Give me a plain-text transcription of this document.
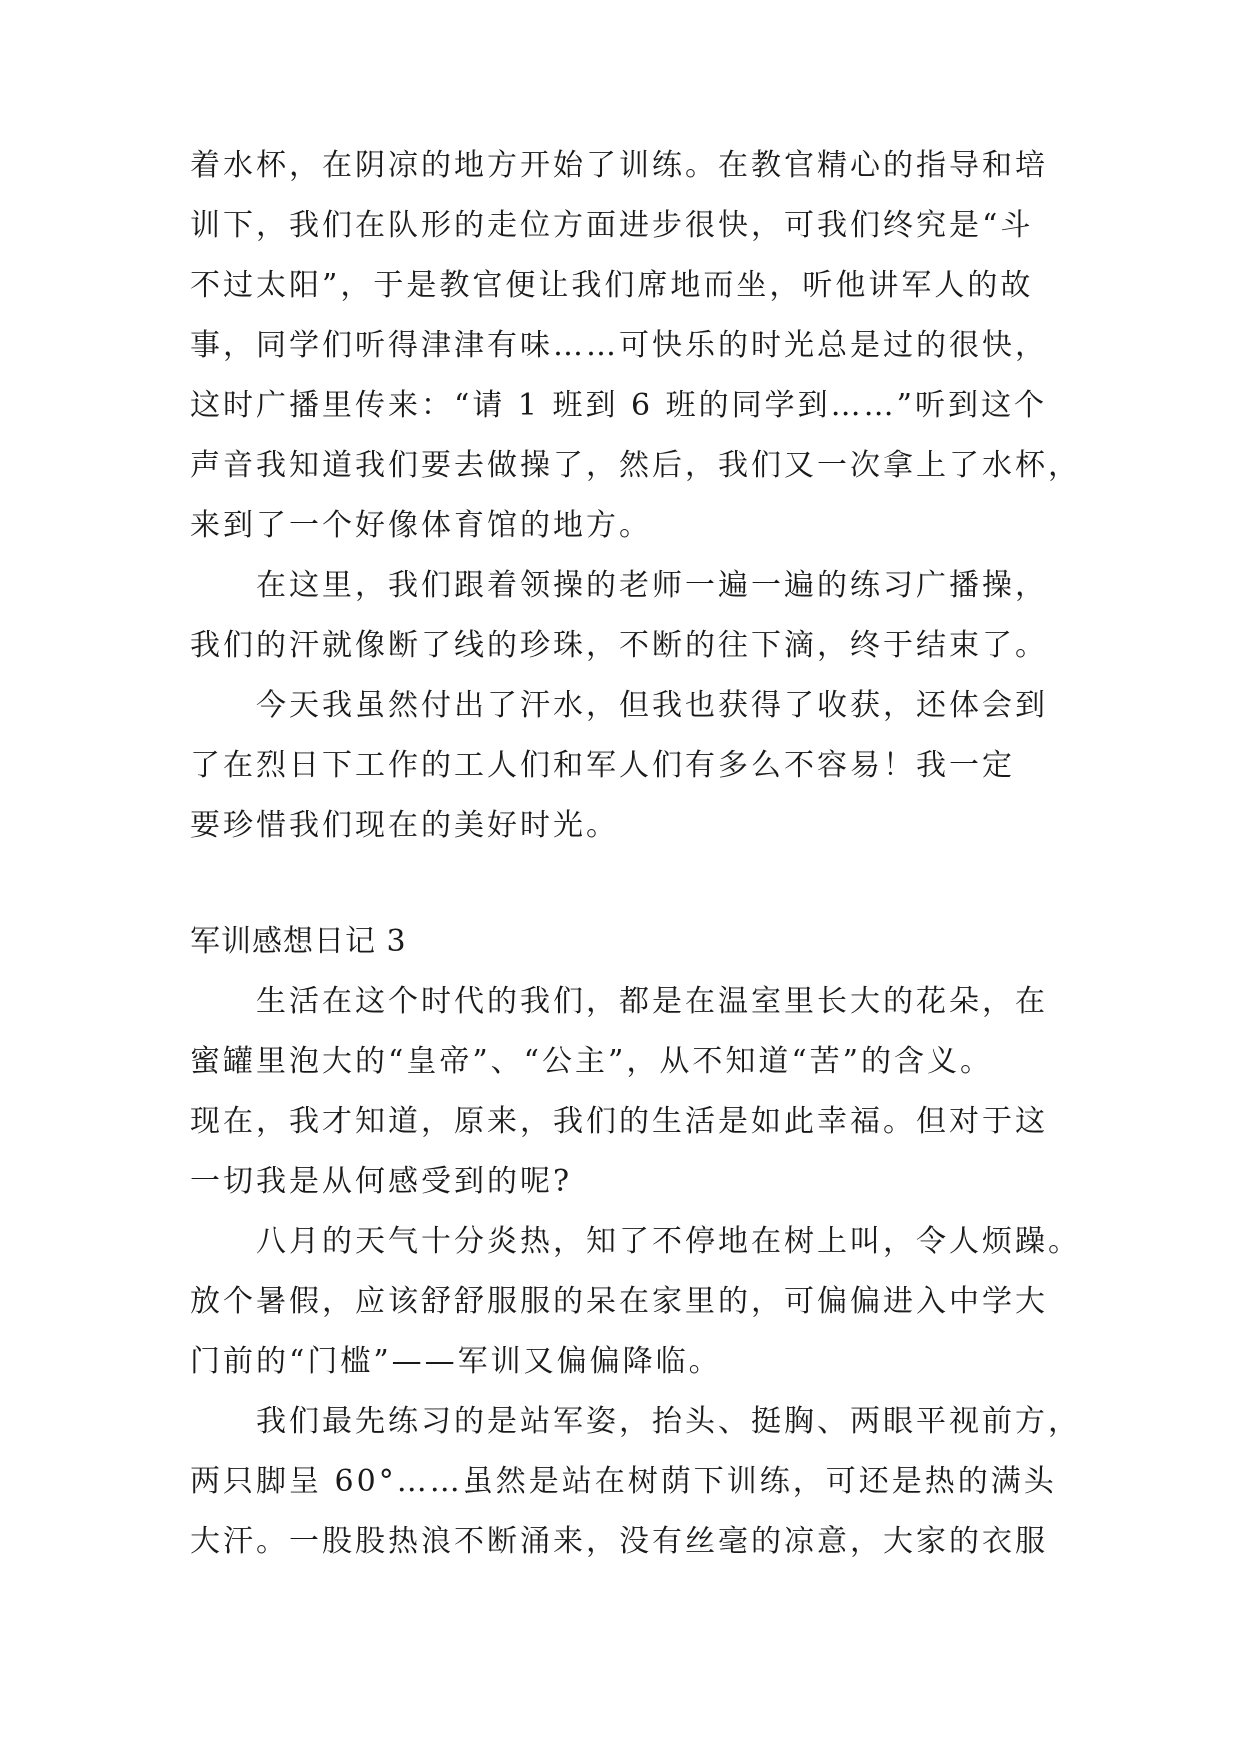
着水杯，在阴凉的地方开始了训练。在教官精心的指导和培
训下，我们在队形的走位方面进步很快，可我们终究是“斗
不过太阳”，于是教官便让我们席地而坐，听他讲军人的故
事，同学们听得津津有味……可快乐的时光总是过的很快，
这时广播里传来：“请 1 班到 6 班的同学到……”听到这个
声音我知道我们要去做操了，然后，我们又一次拿上了水杯，
来到了一个好像体育馆的地方。
在这里，我们跟着领操的老师一遍一遍的练习广播操，
我们的汗就像断了线的珍珠，不断的往下滴，终于结束了。
今天我虽然付出了汗水，但我也获得了收获，还体会到
了在烈日下工作的工人们和军人们有多么不容易！我一定
要珍惜我们现在的美好时光。
军训感想日记 3
生活在这个时代的我们，都是在温室里长大的花朵，在
蜜罐里泡大的“皇帝”、“公主”，从不知道“苦”的含义。
现在，我才知道，原来，我们的生活是如此幸福。但对于这
一切我是从何感受到的呢?
八月的天气十分炎热，知了不停地在树上叫，令人烦躁。
放个暑假，应该舒舒服服的呆在家里的，可偏偏进入中学大
门前的“门槛”——军训又偏偏降临。
我们最先练习的是站军姿，抬头、挺胸、两眼平视前方，
两只脚呈 60°……虽然是站在树荫下训练，可还是热的满头
大汗。一股股热浪不断涌来，没有丝毫的凉意，大家的衣服
